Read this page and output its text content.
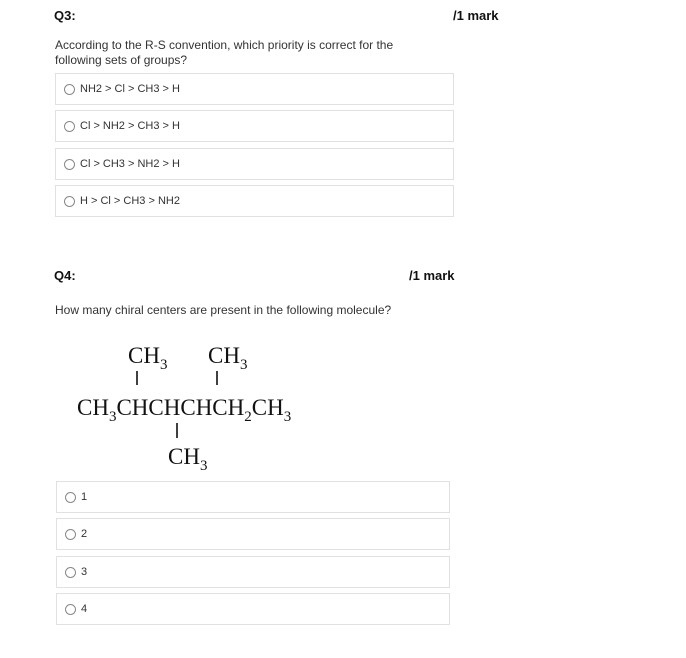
Q3:	/1 mark
According to the R-S convention, which priority is correct for the
following sets of groups?
NH2 > Cl > CH3 > H
Cl > NH2 > CH3 > H
Cl > CH3 > NH2 > H
H > Cl > CH3 > NH2
Q4:	/1 mark
How many chiral centers are present in the following molecule?
$CH_3$ $CH_3$
$CH_3CHCHCHCH_2CH_3$
$CH_3$
1
2
3
4
